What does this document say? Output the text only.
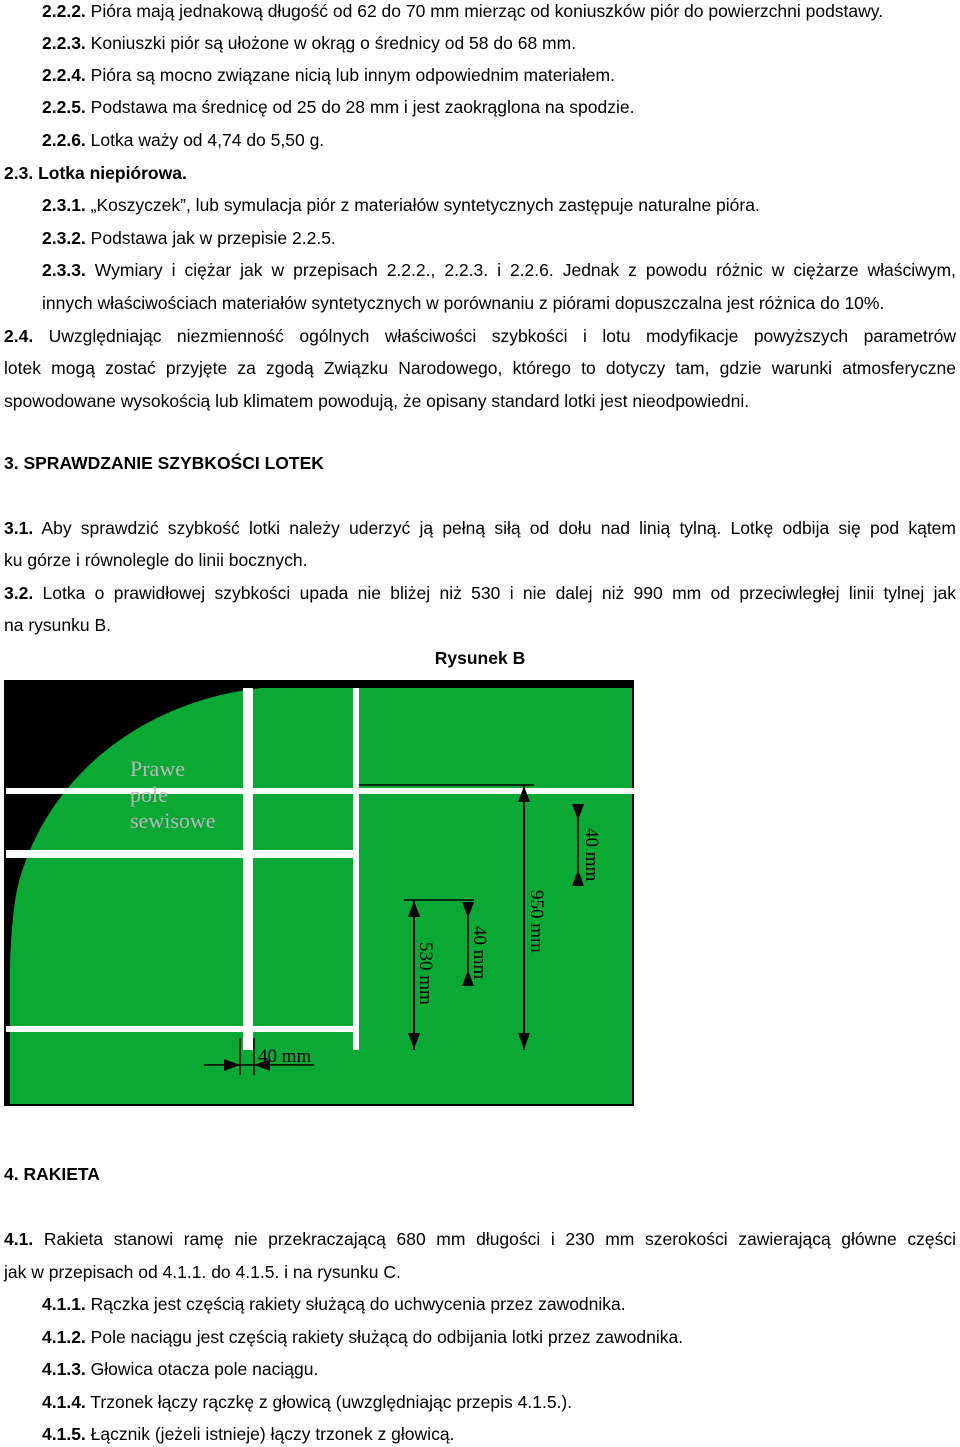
2.2.2. Pióra mają jednakową długość od 62 do 70 mm mierząc od koniuszków piór do powierzchni podstawy.
2.2.3. Koniuszki piór są ułożone w okrąg o średnicy od 58 do 68 mm.
2.2.4. Pióra są mocno związane nicią lub innym odpowiednim materiałem.
2.2.5. Podstawa ma średnicę od 25 do 28 mm i jest zaokrąglona na spodzie.
2.2.6. Lotka waży od 4,74 do 5,50 g.
2.3. Lotka niepiórowa.
2.3.1. „Koszyczek”, lub symulacja piór z materiałów syntetycznych zastępuje naturalne pióra.
2.3.2. Podstawa jak w przepisie 2.2.5.
2.3.3. Wymiary i ciężar jak w przepisach 2.2.2., 2.2.3. i 2.2.6. Jednak z powodu różnic w ciężarze właściwym,
innych właściwościach materiałów syntetycznych w porównaniu z piórami dopuszczalna jest różnica do 10%.
2.4. Uwzględniając niezmienność ogólnych właściwości szybkości i lotu modyfikacje powyższych parametrów
lotek mogą zostać przyjęte za zgodą Związku Narodowego, którego to dotyczy tam, gdzie warunki atmosferyczne
spowodowane wysokością lub klimatem powodują, że opisany standard lotki jest nieodpowiedni.
3. SPRAWDZANIE SZYBKOŚCI LOTEK
3.1. Aby sprawdzić szybkość lotki należy uderzyć ją pełną siłą od dołu nad linią tylną. Lotkę odbija się pod kątem
ku górze i równolegle do linii bocznych.
3.2. Lotka o prawidłowej szybkości upada nie bliżej niż 530 i nie dalej niż 990 mm od przeciwległej linii tylnej jak
na rysunku B.
Rysunek B
Prawe
pole
sewisowe
950 mm
40 mm
530 mm 40 mm
40 mm
4. RAKIETA
4.1. Rakieta stanowi ramę nie przekraczającą 680 mm długości i 230 mm szerokości zawierającą główne części
jak w przepisach od 4.1.1. do 4.1.5. i na rysunku C.
4.1.1. Rączka jest częścią rakiety służącą do uchwycenia przez zawodnika.
4.1.2. Pole naciągu jest częścią rakiety służącą do odbijania lotki przez zawodnika.
4.1.3. Głowica otacza pole naciągu.
4.1.4. Trzonek łączy rączkę z głowicą (uwzględniając przepis 4.1.5.).
4.1.5. Łącznik (jeżeli istnieje) łączy trzonek z głowicą.
